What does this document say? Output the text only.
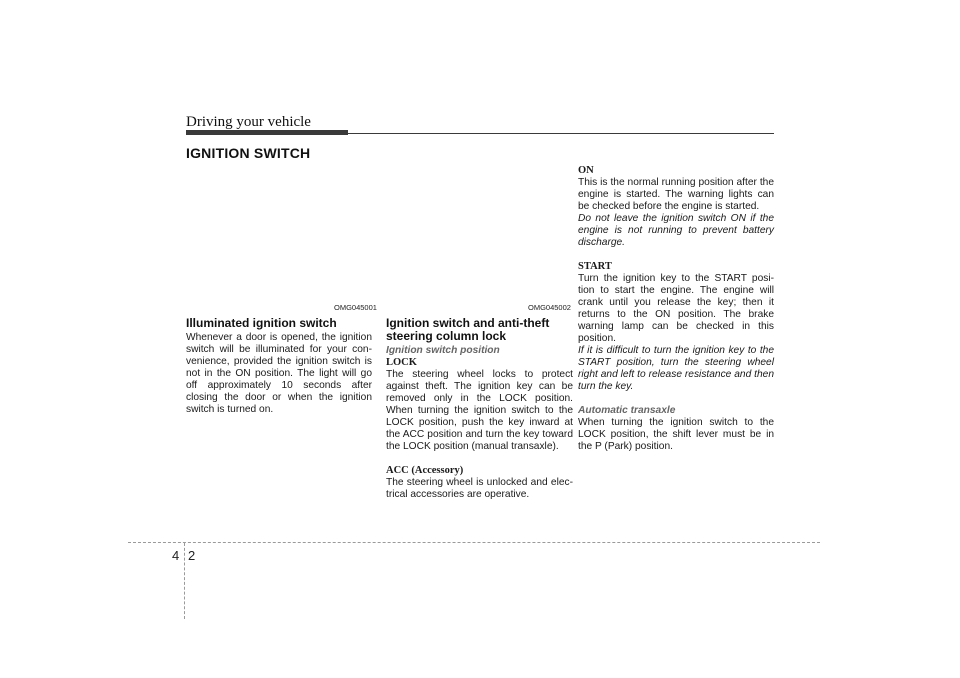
Driving your vehicle
IGNITION SWITCH
OMG045001	OMG045002
Illuminated ignition switch

Whenever a door is opened, the ignition switch will be illuminated for your con-venience, provided the ignition switch is not in the ON position. The light will go off approximately 10 seconds after closing the door or when the ignition switch is turned on.

Ignition switch and anti-theft steering column lock
Ignition switch position
LOCK

The steering wheel locks to protect against theft. The ignition key can be removed only in the LOCK position. When turning the ignition switch to the LOCK position, push the key inward at the ACC position and turn the key toward the LOCK position (manual transaxle).

ACC (Accessory)

The steering wheel is unlocked and elec-trical accessories are operative.

ON

This is the normal running position after the engine is started. The warning lights can be checked before the engine is started.

Do not leave the ignition switch ON if the engine is not running to prevent battery discharge.

START

Turn the ignition key to the START posi-tion to start the engine. The engine will crank until you release the key; then it returns to the ON position. The brake warning lamp can be checked in this position.

If it is difficult to turn the ignition key to the START position, turn the steering wheel right and left to release resistance and then turn the key.

Automatic transaxle

When turning the ignition switch to the LOCK position, the shift lever must be in the P (Park) position.

4 2
